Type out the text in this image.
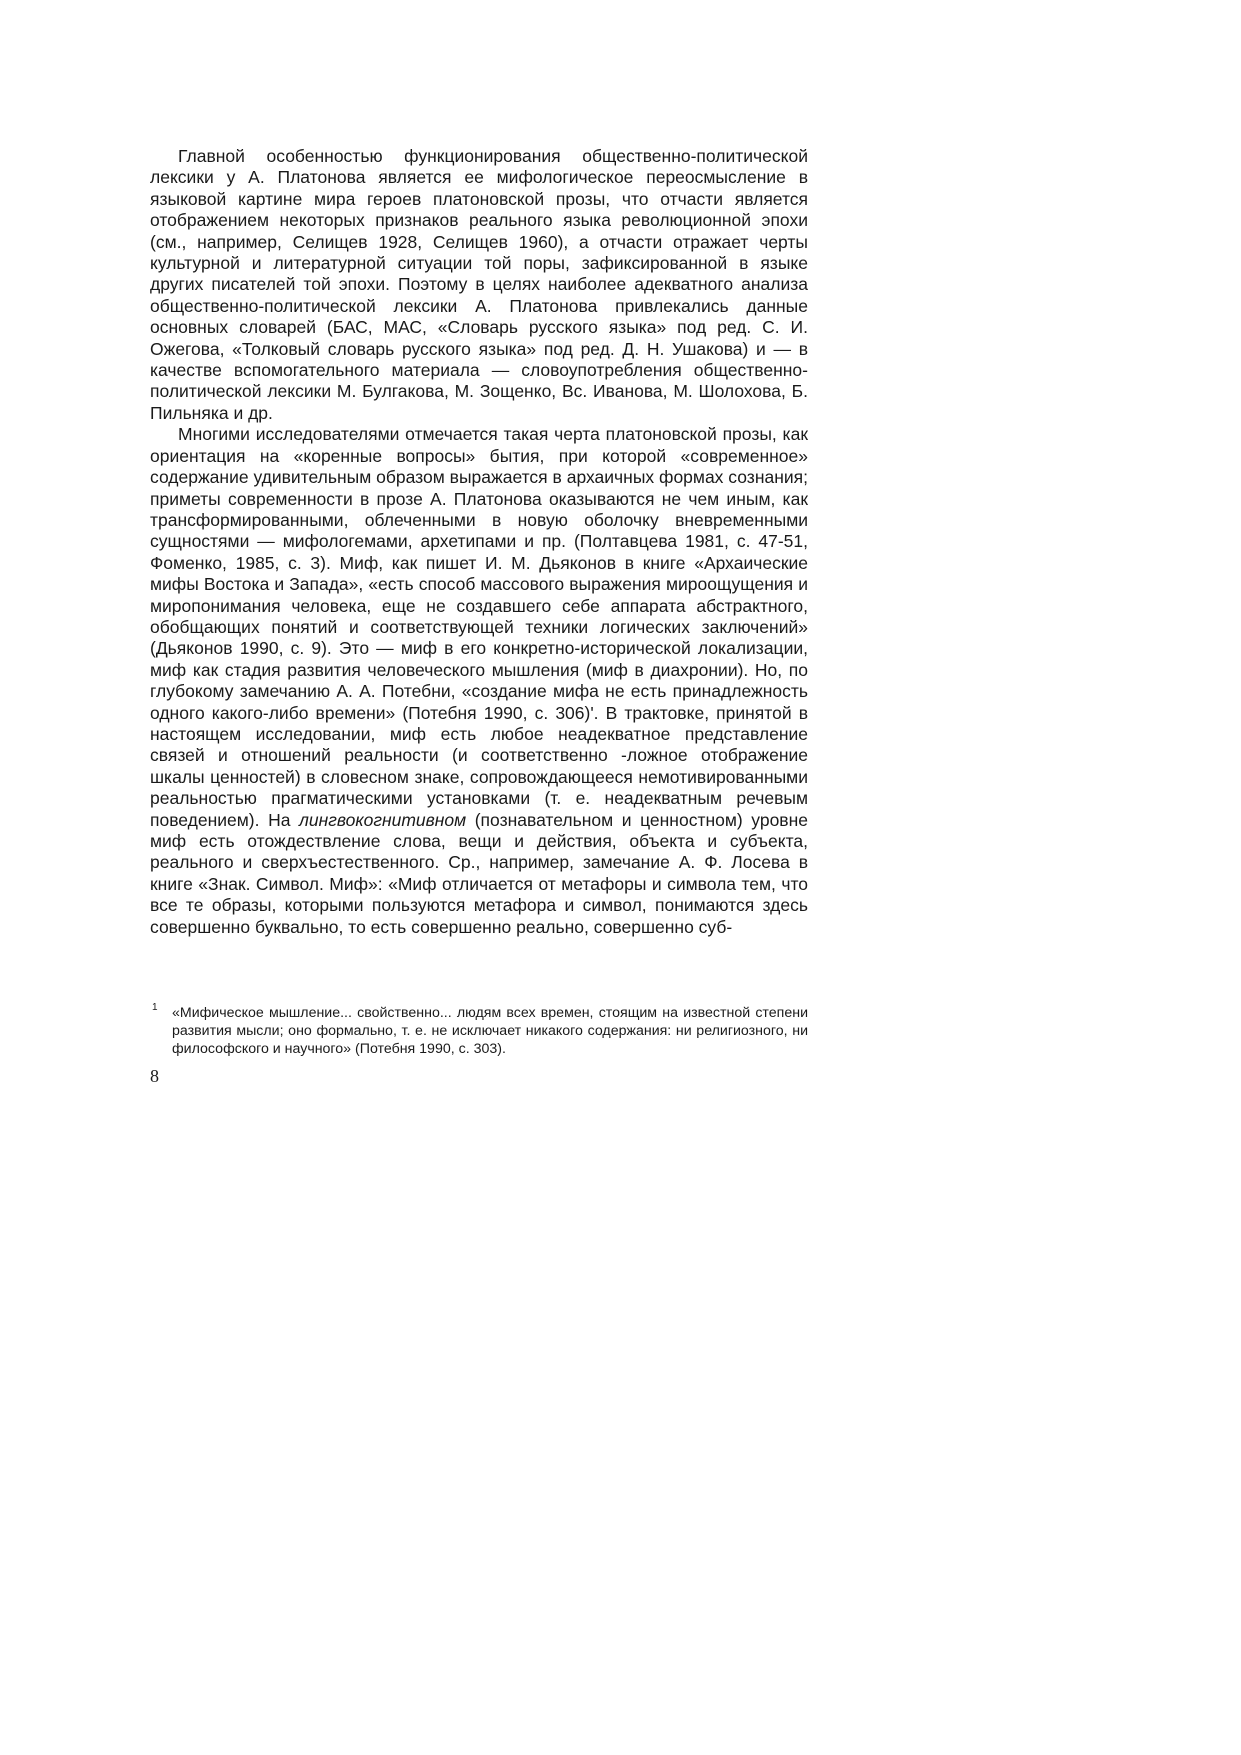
Главной особенностью функционирования общественно-политической лексики у А. Платонова является ее мифологическое переосмысление в языковой картине мира героев платоновской прозы, что отчасти является отображением некоторых признаков реального языка революционной эпохи (см., например, Селищев 1928, Селищев 1960), а отчасти отражает черты культурной и литературной ситуации той поры, зафиксированной в языке других писателей той эпохи. Поэтому в целях наиболее адекватного анализа общественно-политической лексики А. Платонова привлекались данные основных словарей (БАС, МАС, «Словарь русского языка» под ред. С. И. Ожегова, «Толковый словарь русского языка» под ред. Д. Н. Ушакова) и — в качестве вспомогательного материала — словоупотребления общественно-политической лексики М. Булгакова, М. Зощенко, Вс. Иванова, М. Шолохова, Б. Пильняка и др.

Многими исследователями отмечается такая черта платоновской прозы, как ориентация на «коренные вопросы» бытия, при которой «современное» содержание удивительным образом выражается в архаичных формах сознания; приметы современности в прозе А. Платонова оказываются не чем иным, как трансформированными, облеченными в новую оболочку вневременными сущностями — мифологемами, архетипами и пр. (Полтавцева 1981, с. 47-51, Фоменко, 1985, с. 3). Миф, как пишет И. М. Дьяконов в книге «Архаические мифы Востока и Запада», «есть способ массового выражения мироощущения и миропонимания человека, еще не создавшего себе аппарата абстрактного, обобщающих понятий и соответствующей техники логических заключений» (Дьяконов 1990, с. 9). Это — миф в его конкретно-исторической локализации, миф как стадия развития человеческого мышления (миф в диахронии). Но, по глубокому замечанию А. А. Потебни, «создание мифа не есть принадлежность одного какого-либо времени» (Потебня 1990, с. 306)'. В трактовке, принятой в настоящем исследовании, миф есть любое неадекватное представление связей и отношений реальности (и соответственно -ложное отображение шкалы ценностей) в словесном знаке, сопровождающееся немотивированными реальностью прагматическими установками (т. е. неадекватным речевым поведением). На лингвокогнитивном (познавательном и ценностном) уровне миф есть отождествление слова, вещи и действия, объекта и субъекта, реального и сверхъестественного. Ср., например, замечание А. Ф. Лосева в книге «Знак. Символ. Миф»: «Миф отличается от метафоры и символа тем, что все те образы, которыми пользуются метафора и символ, понимаются здесь совершенно буквально, то есть совершенно реально, совершенно суб-

1 «Мифическое мышление... свойственно... людям всех времен, стоящим на известной степени развития мысли; оно формально, т. е. не исключает никакого содержания: ни религиозного, ни философского и научного» (Потебня 1990, с. 303).

8
